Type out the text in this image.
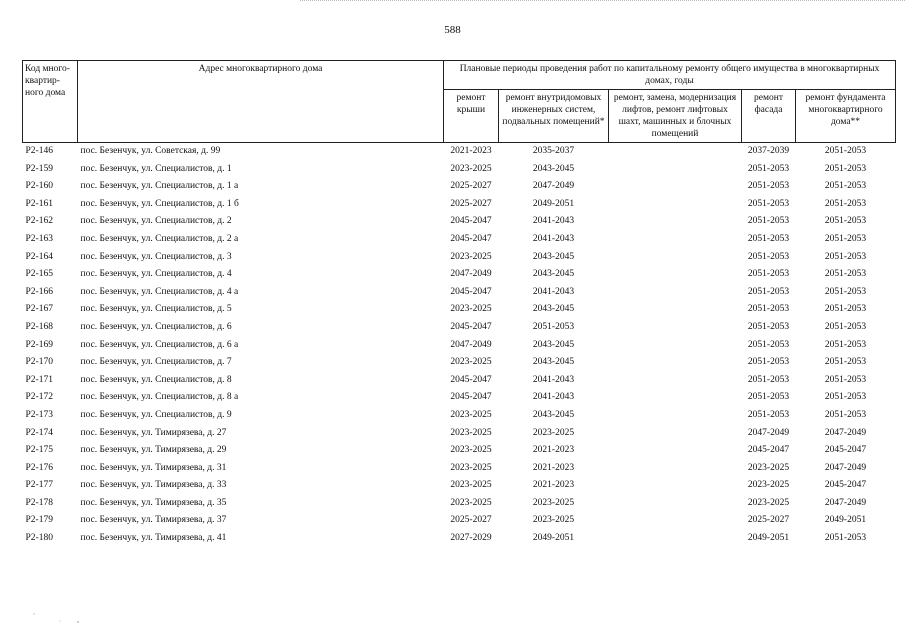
588
Код много-квартир-ного дома	Адрес многоквартирного дома	Плановые периоды проведения работ по капитальному ремонту общего имущества в многоквартирных домах, годы				
		ремонт крыши	ремонт внутридомовых инженерных систем, подвальных помещений*	ремонт, замена, модернизация лифтов, ремонт лифтовых шахт, машинных и блочных помещений	ремонт фасада	ремонт фундамента многоквартирного дома**
Р2-146	пос. Безенчук, ул. Советская, д. 99	2021-2023	2035-2037		2037-2039	2051-2053
Р2-159	пос. Безенчук, ул. Специалистов, д. 1	2023-2025	2043-2045		2051-2053	2051-2053
Р2-160	пос. Безенчук, ул. Специалистов, д. 1 а	2025-2027	2047-2049		2051-2053	2051-2053
Р2-161	пос. Безенчук, ул. Специалистов, д. 1 б	2025-2027	2049-2051		2051-2053	2051-2053
Р2-162	пос. Безенчук, ул. Специалистов, д. 2	2045-2047	2041-2043		2051-2053	2051-2053
Р2-163	пос. Безенчук, ул. Специалистов, д. 2 а	2045-2047	2041-2043		2051-2053	2051-2053
Р2-164	пос. Безенчук, ул. Специалистов, д. 3	2023-2025	2043-2045		2051-2053	2051-2053
Р2-165	пос. Безенчук, ул. Специалистов, д. 4	2047-2049	2043-2045		2051-2053	2051-2053
Р2-166	пос. Безенчук, ул. Специалистов, д. 4 а	2045-2047	2041-2043		2051-2053	2051-2053
Р2-167	пос. Безенчук, ул. Специалистов, д. 5	2023-2025	2043-2045		2051-2053	2051-2053
Р2-168	пос. Безенчук, ул. Специалистов, д. 6	2045-2047	2051-2053		2051-2053	2051-2053
Р2-169	пос. Безенчук, ул. Специалистов, д. 6 а	2047-2049	2043-2045		2051-2053	2051-2053
Р2-170	пос. Безенчук, ул. Специалистов, д. 7	2023-2025	2043-2045		2051-2053	2051-2053
Р2-171	пос. Безенчук, ул. Специалистов, д. 8	2045-2047	2041-2043		2051-2053	2051-2053
Р2-172	пос. Безенчук, ул. Специалистов, д. 8 а	2045-2047	2041-2043		2051-2053	2051-2053
Р2-173	пос. Безенчук, ул. Специалистов, д. 9	2023-2025	2043-2045		2051-2053	2051-2053
Р2-174	пос. Безенчук, ул. Тимирязева, д. 27	2023-2025	2023-2025		2047-2049	2047-2049
Р2-175	пос. Безенчук, ул. Тимирязева, д. 29	2023-2025	2021-2023		2045-2047	2045-2047
Р2-176	пос. Безенчук, ул. Тимирязева, д. 31	2023-2025	2021-2023		2023-2025	2047-2049
Р2-177	пос. Безенчук, ул. Тимирязева, д. 33	2023-2025	2021-2023		2023-2025	2045-2047
Р2-178	пос. Безенчук, ул. Тимирязева, д. 35	2023-2025	2023-2025		2023-2025	2047-2049
Р2-179	пос. Безенчук, ул. Тимирязева, д. 37	2025-2027	2023-2025		2025-2027	2049-2051
Р2-180	пос. Безенчук, ул. Тимирязева, д. 41	2027-2029	2049-2051		2049-2051	2051-2053
